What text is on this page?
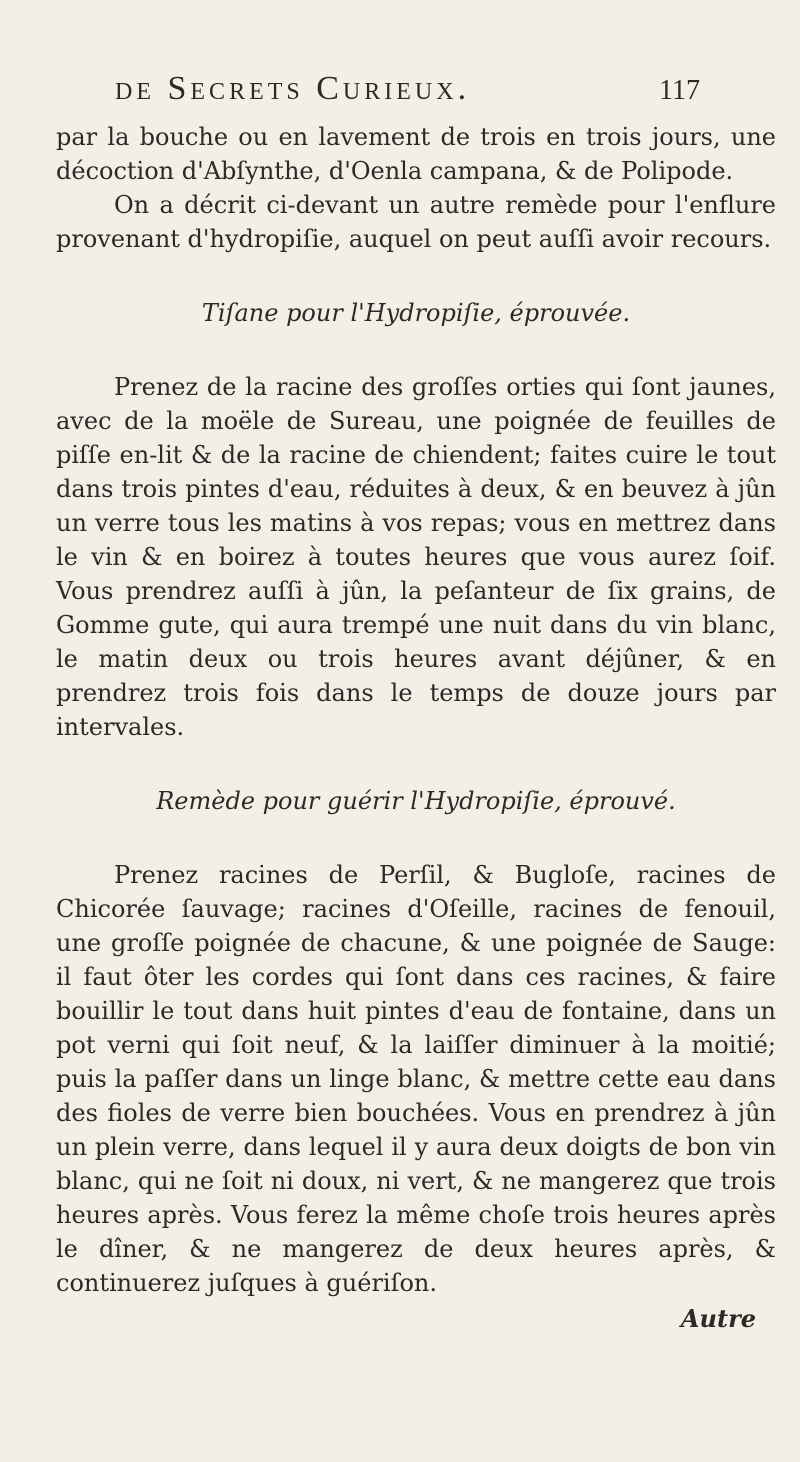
de Secrets Curieux.	117

par la bouche ou en lavement de trois en trois jours, une décoction d'Abſynthe, d'Oenla campana, & de Polipode.

On a décrit ci-devant un autre remède pour l'enflure provenant d'hydropiſie, auquel on peut auſſi avoir recours.

Tiſane pour l'Hydropiſie, éprouvée.

Prenez de la racine des groſſes orties qui ſont jaunes, avec de la moële de Sureau, une poignée de feuilles de piſſe en-lit & de la racine de chiendent; faites cuire le tout dans trois pintes d'eau, réduites à deux, & en beuvez à jûn un verre tous les matins à vos repas; vous en mettrez dans le vin & en boirez à toutes heures que vous aurez ſoif. Vous prendrez auſſi à jûn, la peſanteur de ſix grains, de Gomme gute, qui aura trempé une nuit dans du vin blanc, le matin deux ou trois heures avant déjûner, & en prendrez trois fois dans le temps de douze jours par intervales.

Remède pour guérir l'Hydropiſie, éprouvé.

Prenez racines de Perſil, & Bugloſe, racines de Chicorée ſauvage; racines d'Oſeille, racines de fenouil, une groſſe poignée de chacune, & une poignée de Sauge: il faut ôter les cordes qui ſont dans ces racines, & faire bouillir le tout dans huit pintes d'eau de fontaine, dans un pot verni qui ſoit neuf, & la laiſſer diminuer à la moitié; puis la paſſer dans un linge blanc, & mettre cette eau dans des fioles de verre bien bouchées. Vous en prendrez à jûn un plein verre, dans lequel il y aura deux doigts de bon vin blanc, qui ne ſoit ni doux, ni vert, & ne mangerez que trois heures après. Vous ferez la même choſe trois heures après le dîner, & ne mangerez de deux heures après, & continuerez juſques à guériſon.

Autre
